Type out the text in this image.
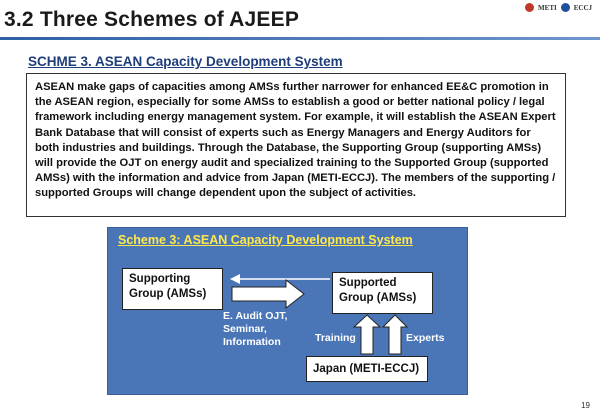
3.2 Three Schemes of AJEEP
METI ECCJ
SCHME 3. ASEAN Capacity Development System
ASEAN make gaps of capacities among AMSs further narrower for enhanced EE&C promotion in the ASEAN region, especially for some AMSs to establish a good or better national policy / legal framework including energy management system. For example, it will establish the ASEAN Expert Bank Database that will consist of experts such as Energy Managers and Energy Auditors for both industries and buildings. Through the Database, the Supporting Group (supporting AMSs) will provide the OJT on energy audit and specialized training to the Supported Group (supported AMSs) with the information and advice from Japan (METI-ECCJ). The members of the supporting / supported Groups will change dependent upon the subject of activities.
Scheme 3: ASEAN Capacity Development System
Supporting
Group (AMSs)
Supported
Group (AMSs)
Japan (METI-ECCJ)
E. Audit OJT,
Seminar,
Information	Training	Experts
19
